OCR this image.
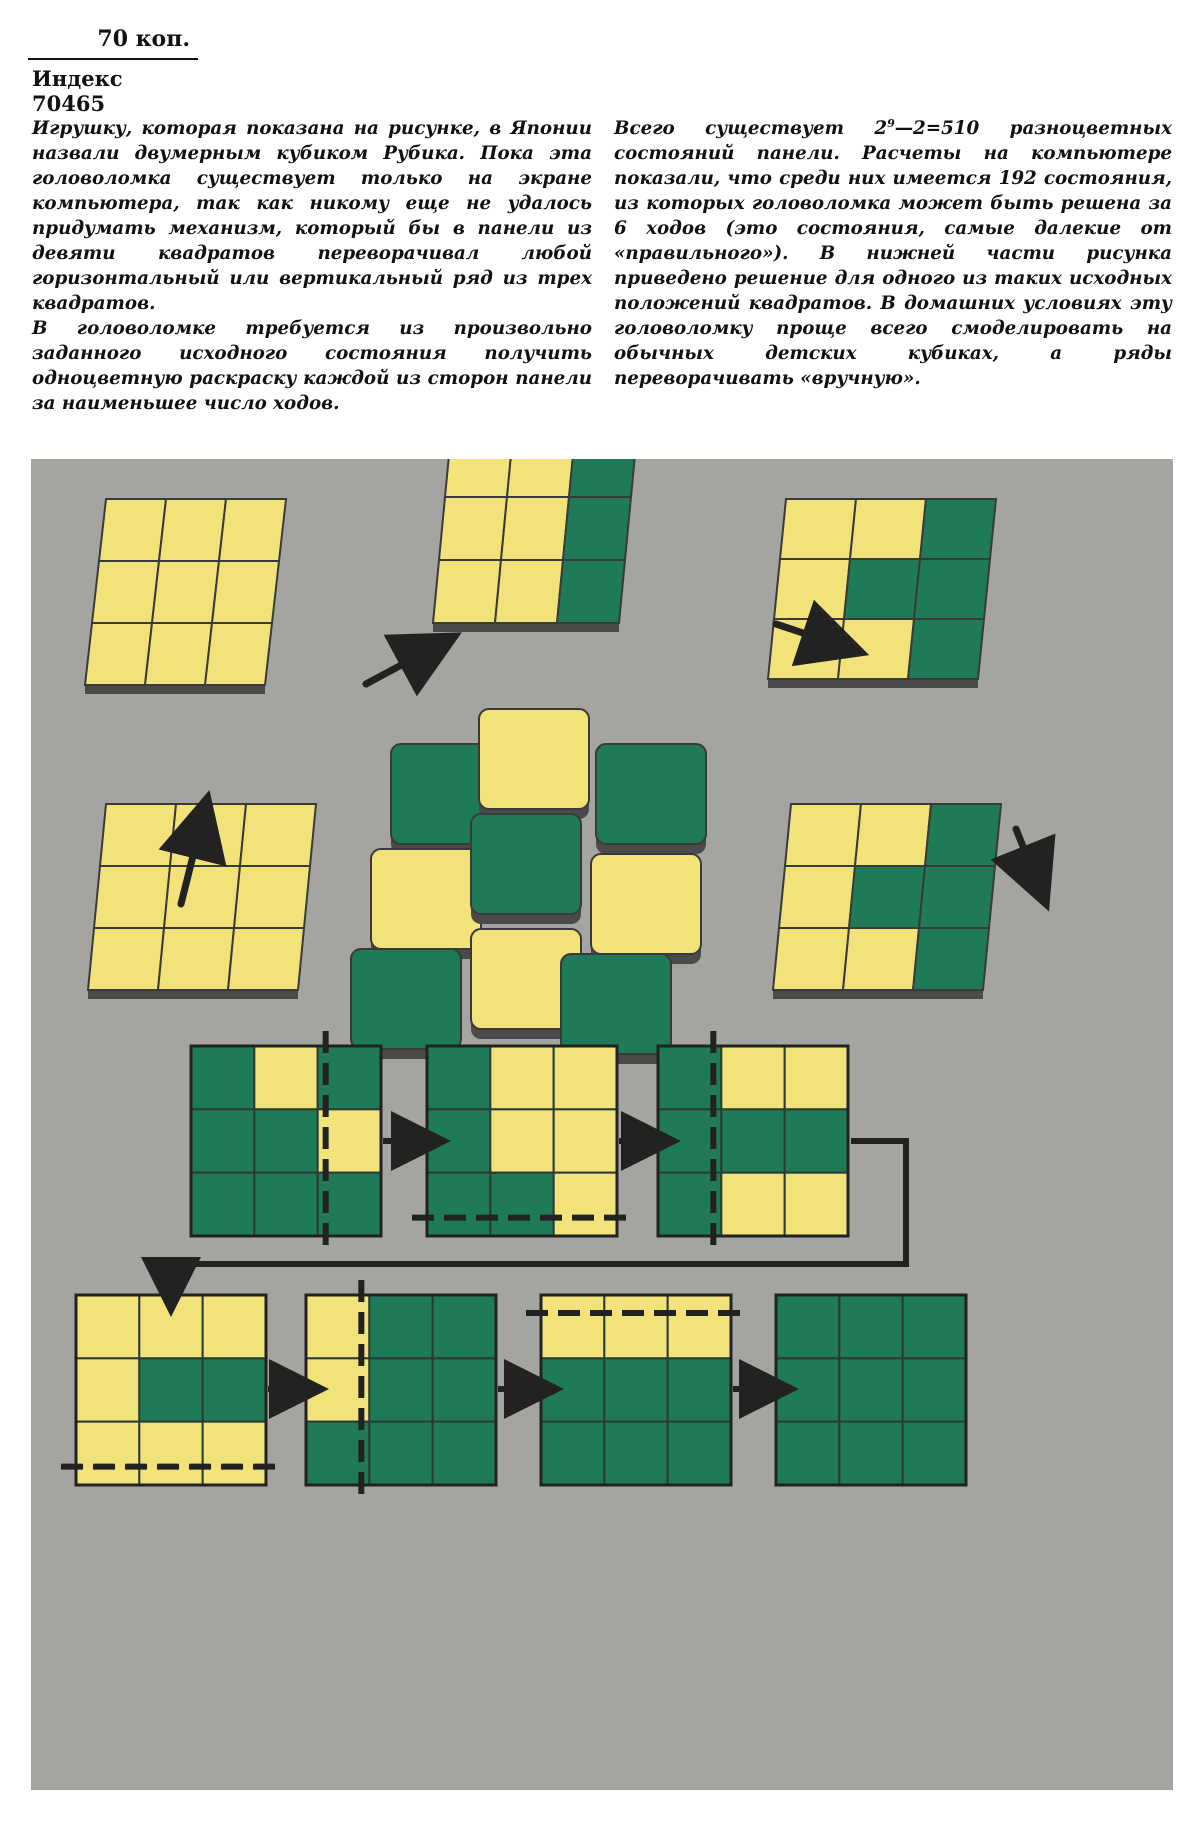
70 коп.
Индекс 70465

Игрушку, которая показана на рисунке, в Японии назвали двумерным кубиком Рубика. Пока эта головоломка существует только на экране компьютера, так как никому еще не удалось придумать механизм, который бы в панели из девяти квадратов переворачивал любой горизонтальный или вертикальный ряд из трех квадратов.

В головоломке требуется из произвольно заданного исходного состояния получить одноцветную раскраску каждой из сторон панели за наименьшее число ходов.

Всего существует $2^9—2=510$ разноцветных состояний панели. Расчеты на компьютере показали, что среди них имеется 192 состояния, из которых головоломка может быть решена за 6 ходов (это состояния, самые далекие от «правильного»). В нижней части рисунка приведено решение для одного из таких исходных положений квадратов. В домашних условиях эту головоломку проще всего смоделировать на обычных детских кубиках, а ряды переворачивать «вручную».
